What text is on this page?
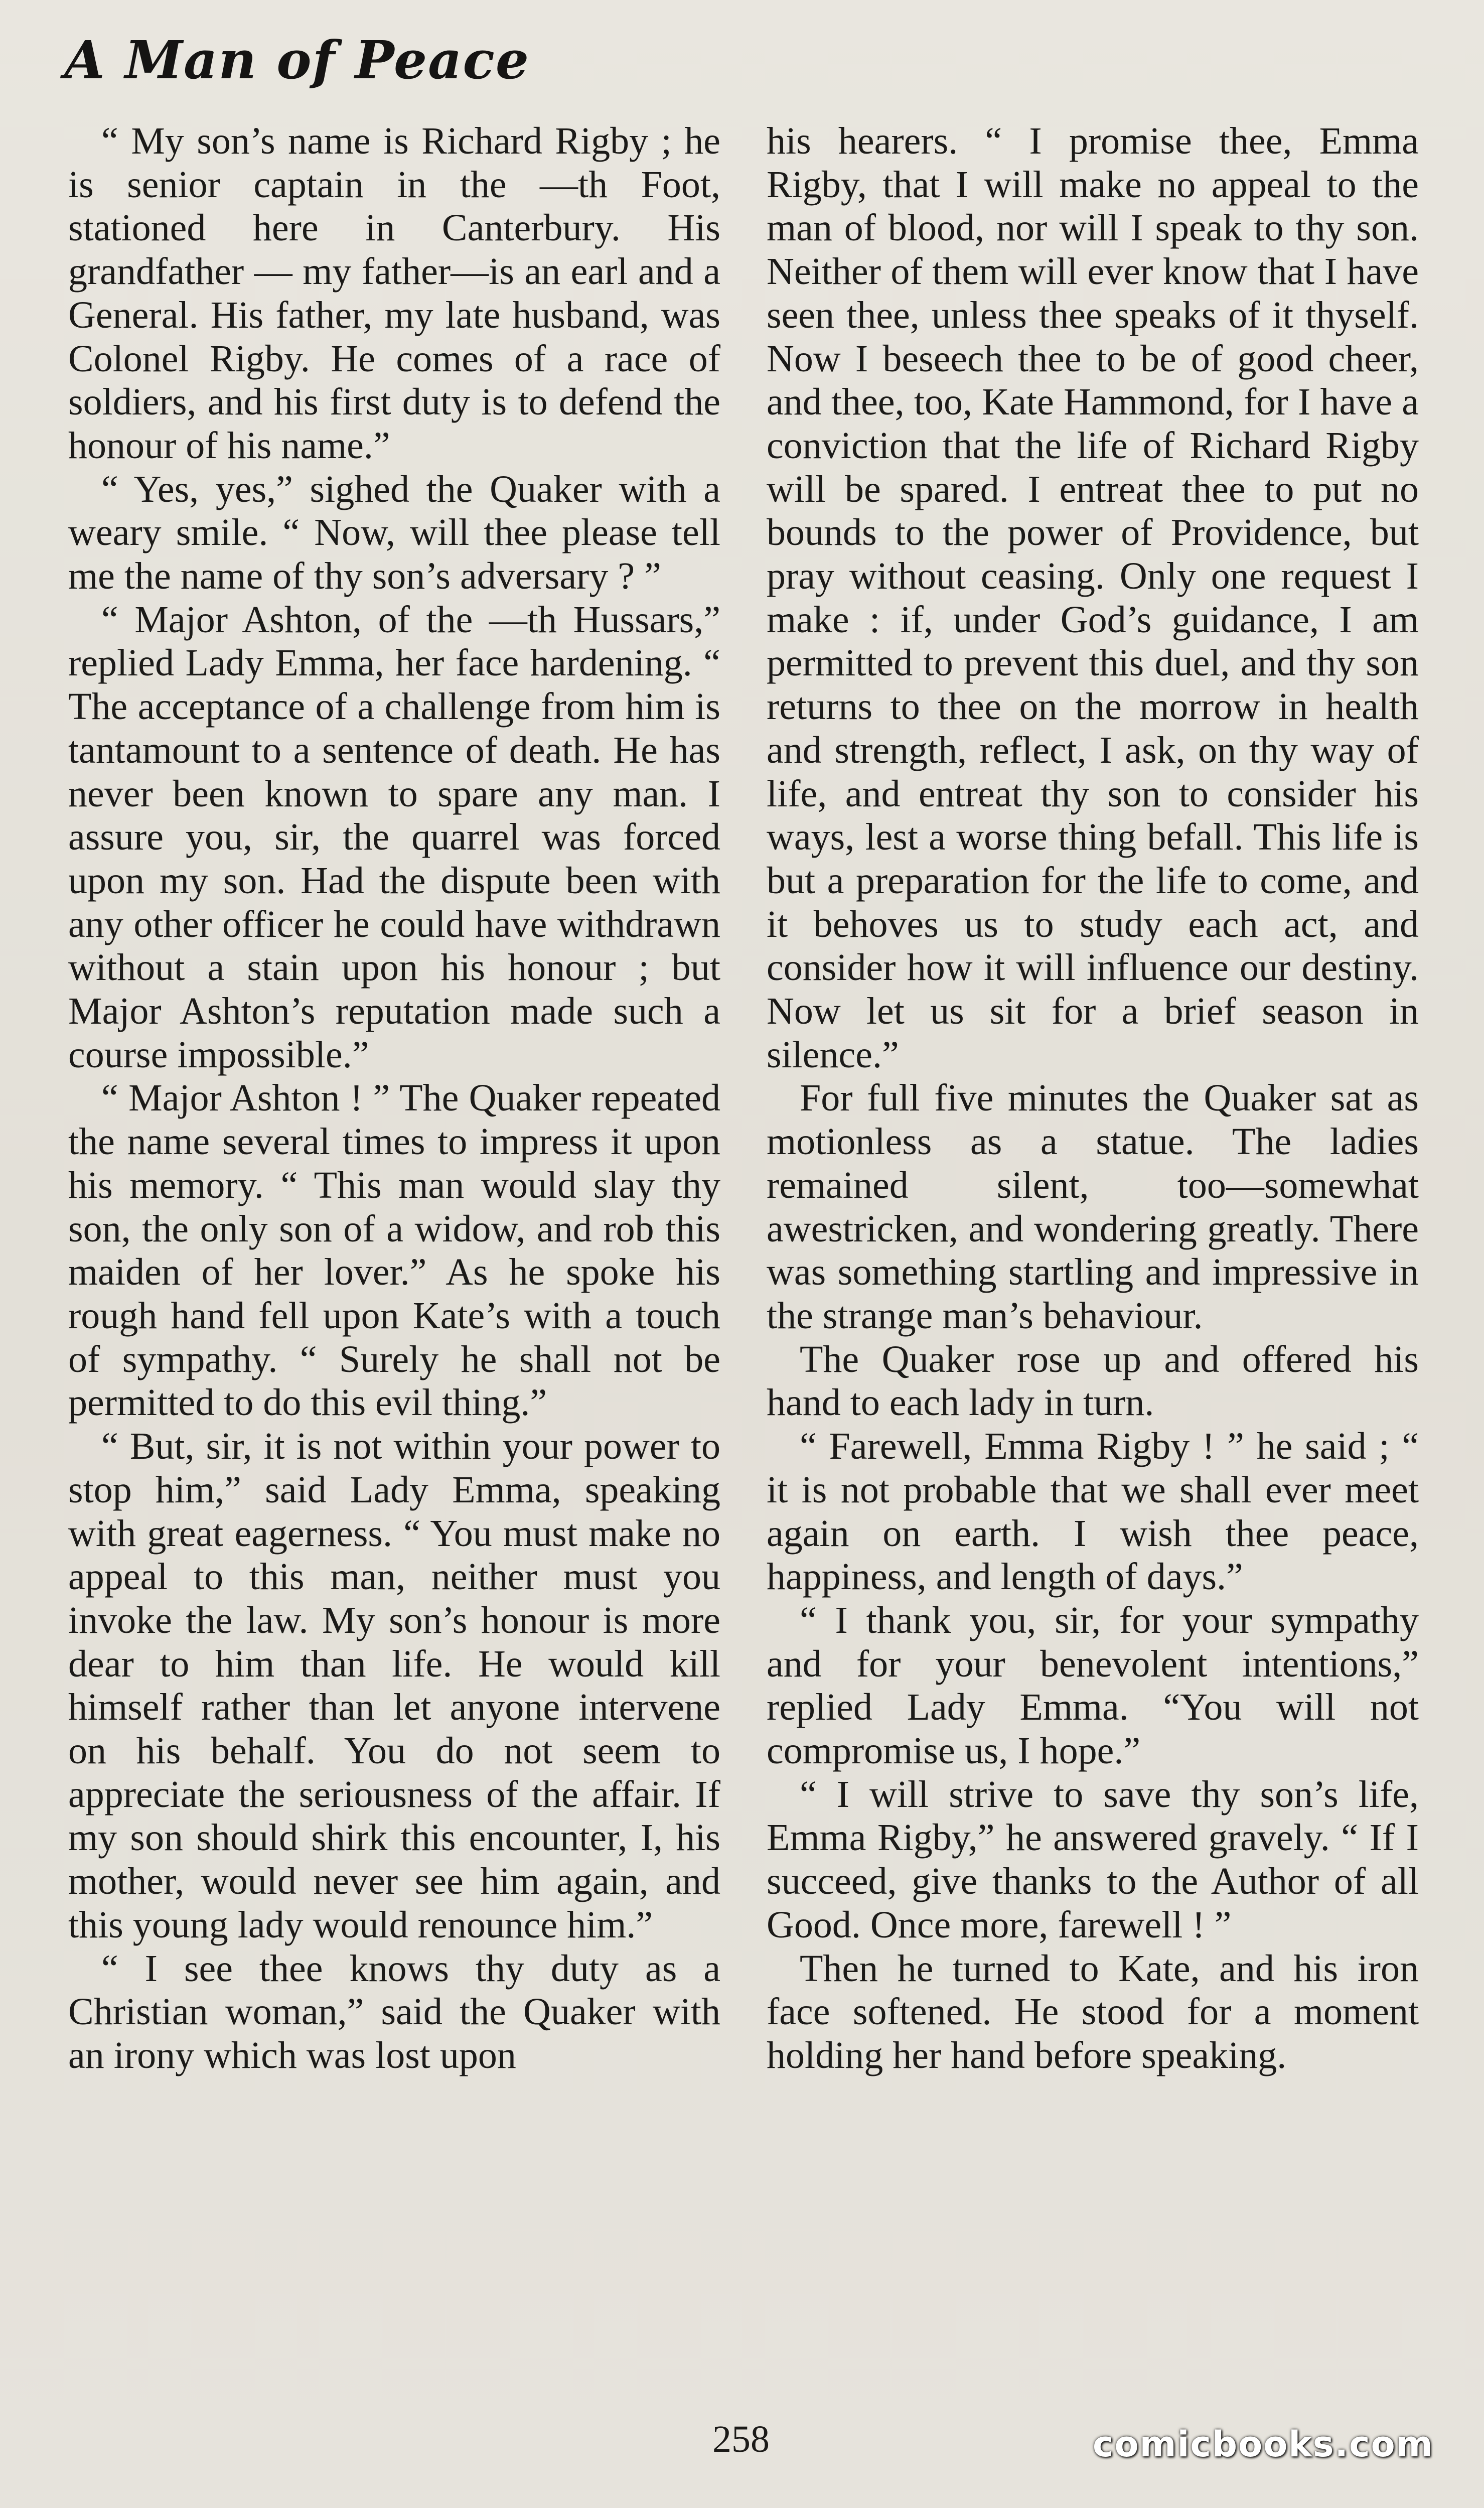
A Man of Peace

“ My son’s name is Richard Rigby ; he is senior captain in the —th Foot, stationed here in Canterbury. His grandfather — my father—is an earl and a General. His father, my late husband, was Colonel Rigby. He comes of a race of soldiers, and his first duty is to defend the honour of his name.”

“ Yes, yes,” sighed the Quaker with a weary smile. “ Now, will thee please tell me the name of thy son’s adversary ? ”

“ Major Ashton, of the —th Hussars,” replied Lady Emma, her face hardening. “ The acceptance of a challenge from him is tantamount to a sentence of death. He has never been known to spare any man. I assure you, sir, the quarrel was forced upon my son. Had the dispute been with any other officer he could have withdrawn without a stain upon his honour ; but Major Ashton’s reputation made such a course impossible.”

“ Major Ashton ! ” The Quaker repeated the name several times to impress it upon his memory. “ This man would slay thy son, the only son of a widow, and rob this maiden of her lover.” As he spoke his rough hand fell upon Kate’s with a touch of sympathy. “ Surely he shall not be permitted to do this evil thing.”

“ But, sir, it is not within your power to stop him,” said Lady Emma, speaking with great eagerness. “ You must make no appeal to this man, neither must you invoke the law. My son’s honour is more dear to him than life. He would kill himself rather than let anyone intervene on his behalf. You do not seem to appreciate the seriousness of the affair. If my son should shirk this encounter, I, his mother, would never see him again, and this young lady would renounce him.”

“ I see thee knows thy duty as a Christian woman,” said the Quaker with an irony which was lost upon

his hearers. “ I promise thee, Emma Rigby, that I will make no appeal to the man of blood, nor will I speak to thy son. Neither of them will ever know that I have seen thee, unless thee speaks of it thyself. Now I beseech thee to be of good cheer, and thee, too, Kate Hammond, for I have a conviction that the life of Richard Rigby will be spared. I entreat thee to put no bounds to the power of Providence, but pray without ceasing. Only one request I make : if, under God’s guidance, I am permitted to prevent this duel, and thy son returns to thee on the morrow in health and strength, reflect, I ask, on thy way of life, and entreat thy son to consider his ways, lest a worse thing befall. This life is but a preparation for the life to come, and it behoves us to study each act, and consider how it will influence our destiny. Now let us sit for a brief season in silence.”

For full five minutes the Quaker sat as motionless as a statue. The ladies remained silent, too—somewhat awestricken, and wondering greatly. There was something startling and impressive in the strange man’s behaviour.

The Quaker rose up and offered his hand to each lady in turn.

“ Farewell, Emma Rigby ! ” he said ; “ it is not probable that we shall ever meet again on earth. I wish thee peace, happiness, and length of days.”

“ I thank you, sir, for your sympathy and for your benevolent intentions,” replied Lady Emma. “You will not compromise us, I hope.”

“ I will strive to save thy son’s life, Emma Rigby,” he answered gravely. “ If I succeed, give thanks to the Author of all Good. Once more, farewell ! ”

Then he turned to Kate, and his iron face softened. He stood for a moment holding her hand before speaking.

258	comicbooks.com
